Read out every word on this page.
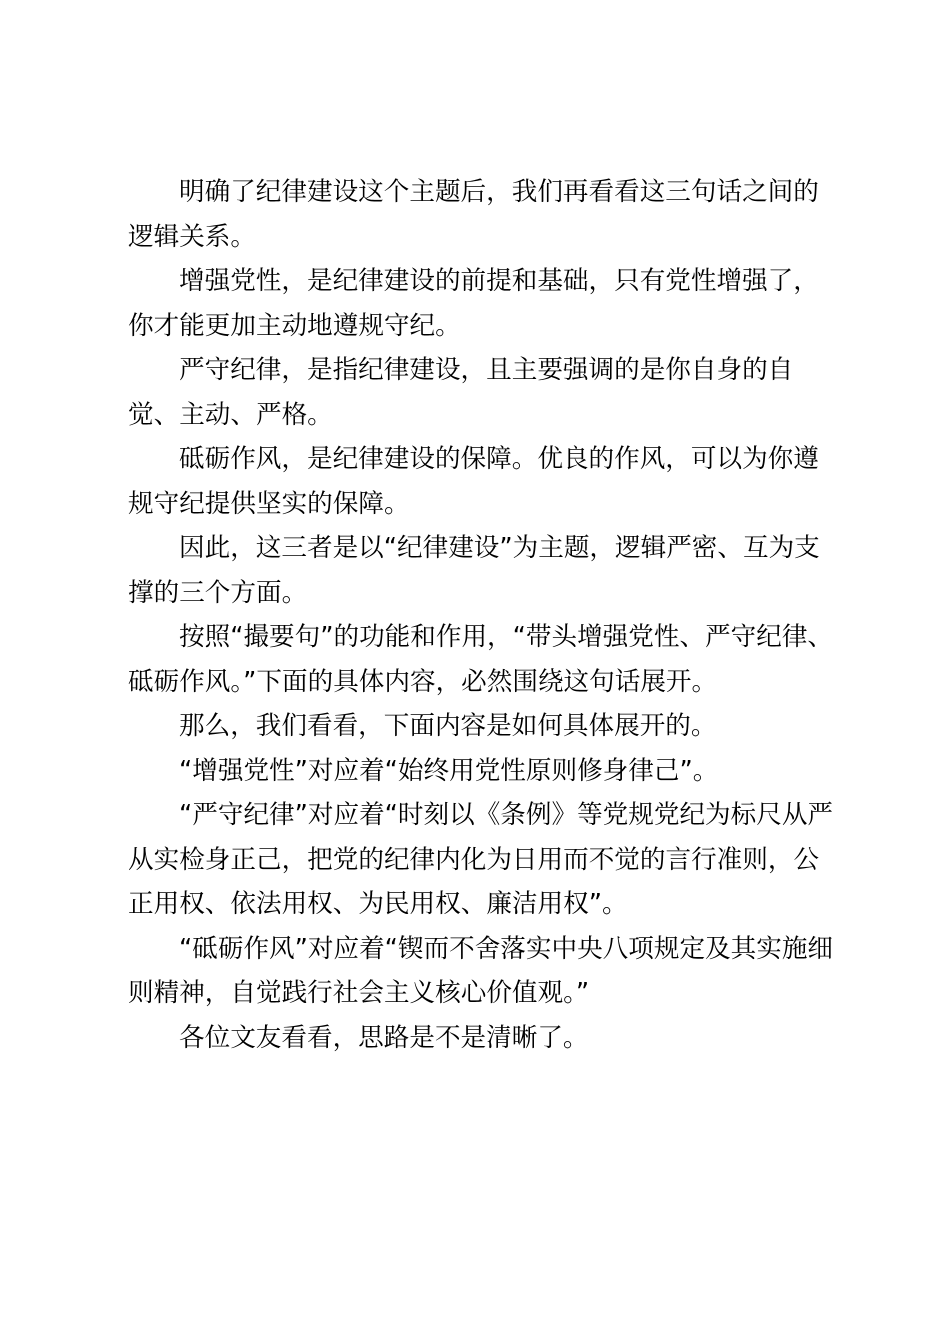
明确了纪律建设这个主题后，我们再看看这三句话之间的逻辑关系。

增强党性，是纪律建设的前提和基础，只有党性增强了，你才能更加主动地遵规守纪。

严守纪律，是指纪律建设，且主要强调的是你自身的自觉、主动、严格。

砥砺作风，是纪律建设的保障。优良的作风，可以为你遵规守纪提供坚实的保障。

因此，这三者是以“纪律建设”为主题，逻辑严密、互为支撑的三个方面。

按照“撮要句”的功能和作用，“带头增强党性、严守纪律、砥砺作风。”下面的具体内容，必然围绕这句话展开。

那么，我们看看，下面内容是如何具体展开的。

“增强党性”对应着“始终用党性原则修身律己”。

“严守纪律”对应着“时刻以《条例》等党规党纪为标尺从严从实检身正己，把党的纪律内化为日用而不觉的言行准则，公正用权、依法用权、为民用权、廉洁用权”。

“砥砺作风”对应着“锲而不舍落实中央八项规定及其实施细则精神，自觉践行社会主义核心价值观。”

各位文友看看，思路是不是清晰了。
